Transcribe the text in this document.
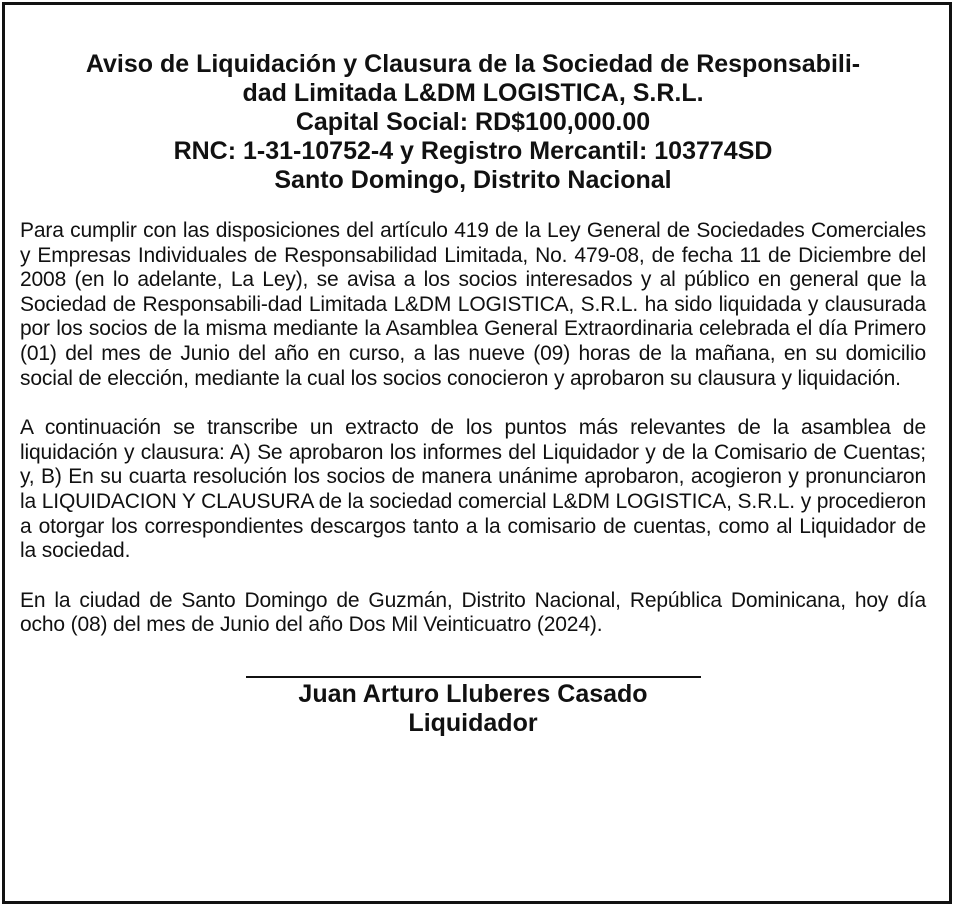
Aviso de Liquidación y Clausura de la Sociedad de Responsabili-
dad Limitada L&DM LOGISTICA, S.R.L.
Capital Social: RD$100,000.00
RNC: 1-31-10752-4 y Registro Mercantil: 103774SD
Santo Domingo, Distrito Nacional

Para cumplir con las disposiciones del artículo 419 de la Ley General de Sociedades Comerciales y Empresas Individuales de Responsabilidad Limitada, No. 479-08, de fecha 11 de Diciembre del 2008 (en lo adelante, La Ley), se avisa a los socios interesados y al público en general que la Sociedad de Responsabili-dad Limitada L&DM LOGISTICA, S.R.L. ha sido liquidada y clausurada por los socios de la misma mediante la Asamblea General Extraordinaria celebrada el día Primero (01) del mes de Junio del año en curso, a las nueve (09) horas de la mañana, en su domicilio social de elección, mediante la cual los socios conocieron y aprobaron su clausura y liquidación.

A continuación se transcribe un extracto de los puntos más relevantes de la asamblea de liquidación y clausura: A) Se aprobaron los informes del Liquidador y de la Comisario de Cuentas; y, B) En su cuarta resolución los socios de manera unánime aprobaron, acogieron y pronunciaron la LIQUIDACION Y CLAUSURA de la sociedad comercial L&DM LOGISTICA, S.R.L. y procedieron a otorgar los correspondientes descargos tanto a la comisario de cuentas, como al Liquidador de la sociedad.

En la ciudad de Santo Domingo de Guzmán, Distrito Nacional, República Dominicana, hoy día ocho (08) del mes de Junio del año Dos Mil Veinticuatro (2024).

Juan Arturo Lluberes Casado
Liquidador
